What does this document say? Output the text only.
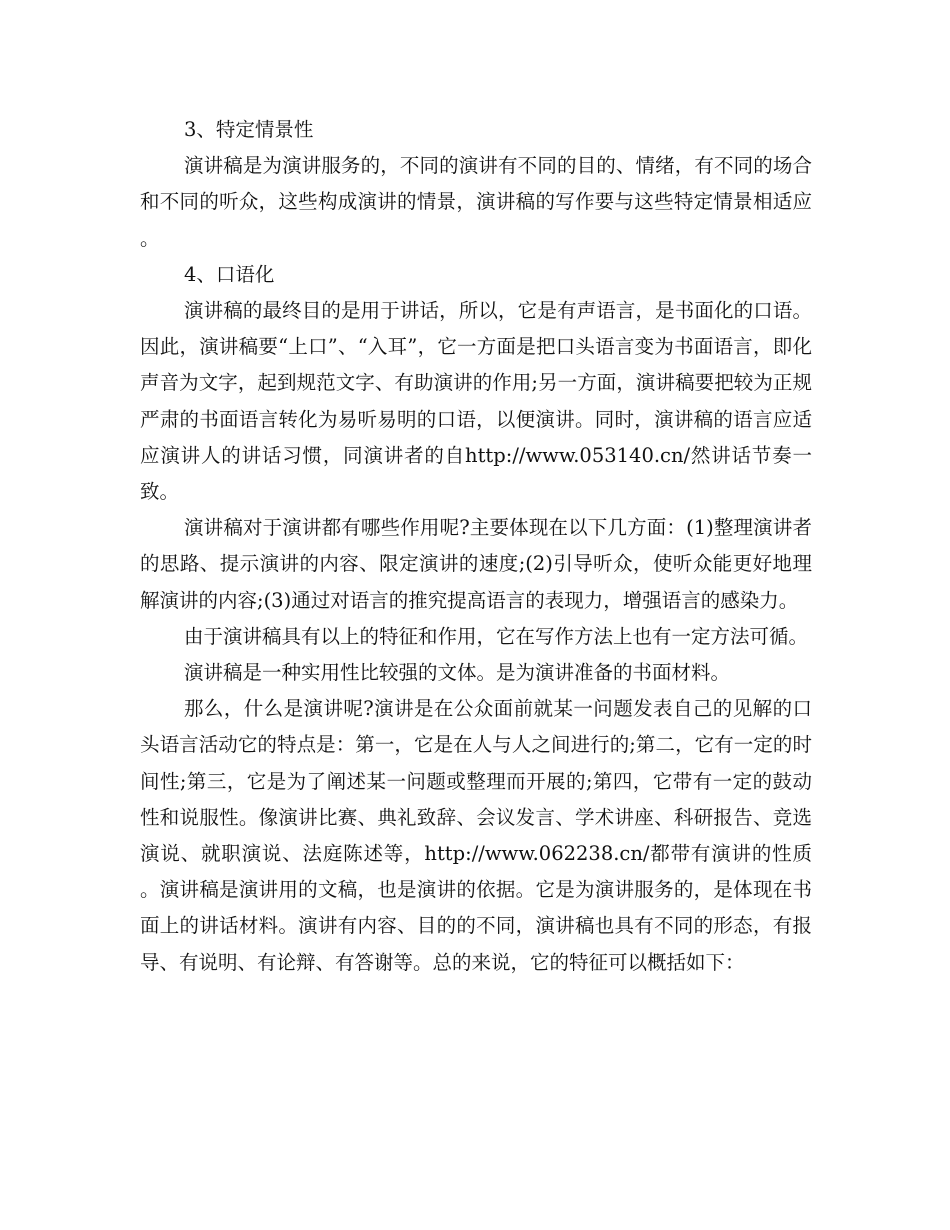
3、特定情景性

演讲稿是为演讲服务的，不同的演讲有不同的目的、情绪，有不同的场合和不同的听众，这些构成演讲的情景，演讲稿的写作要与这些特定情景相适应。

4、口语化

演讲稿的最终目的是用于讲话，所以，它是有声语言，是书面化的口语。因此，演讲稿要“上口”、“入耳”，它一方面是把口头语言变为书面语言，即化声音为文字，起到规范文字、有助演讲的作用;另一方面，演讲稿要把较为正规严肃的书面语言转化为易听易明的口语，以便演讲。同时，演讲稿的语言应适应演讲人的讲话习惯，同演讲者的自http://www.053140.cn/然讲话节奏一致。

演讲稿对于演讲都有哪些作用呢?主要体现在以下几方面：(1)整理演讲者的思路、提示演讲的内容、限定演讲的速度;(2)引导听众，使听众能更好地理解演讲的内容;(3)通过对语言的推究提高语言的表现力，增强语言的感染力。

由于演讲稿具有以上的特征和作用，它在写作方法上也有一定方法可循。

演讲稿是一种实用性比较强的文体。是为演讲准备的书面材料。

那么，什么是演讲呢?演讲是在公众面前就某一问题发表自己的见解的口头语言活动它的特点是：第一，它是在人与人之间进行的;第二，它有一定的时间性;第三，它是为了阐述某一问题或整理而开展的;第四，它带有一定的鼓动性和说服性。像演讲比赛、典礼致辞、会议发言、学术讲座、科研报告、竞选演说、就职演说、法庭陈述等，http://www.062238.cn/都带有演讲的性质。演讲稿是演讲用的文稿，也是演讲的依据。它是为演讲服务的，是体现在书面上的讲话材料。演讲有内容、目的的不同，演讲稿也具有不同的形态，有报导、有说明、有论辩、有答谢等。总的来说，它的特征可以概括如下：
